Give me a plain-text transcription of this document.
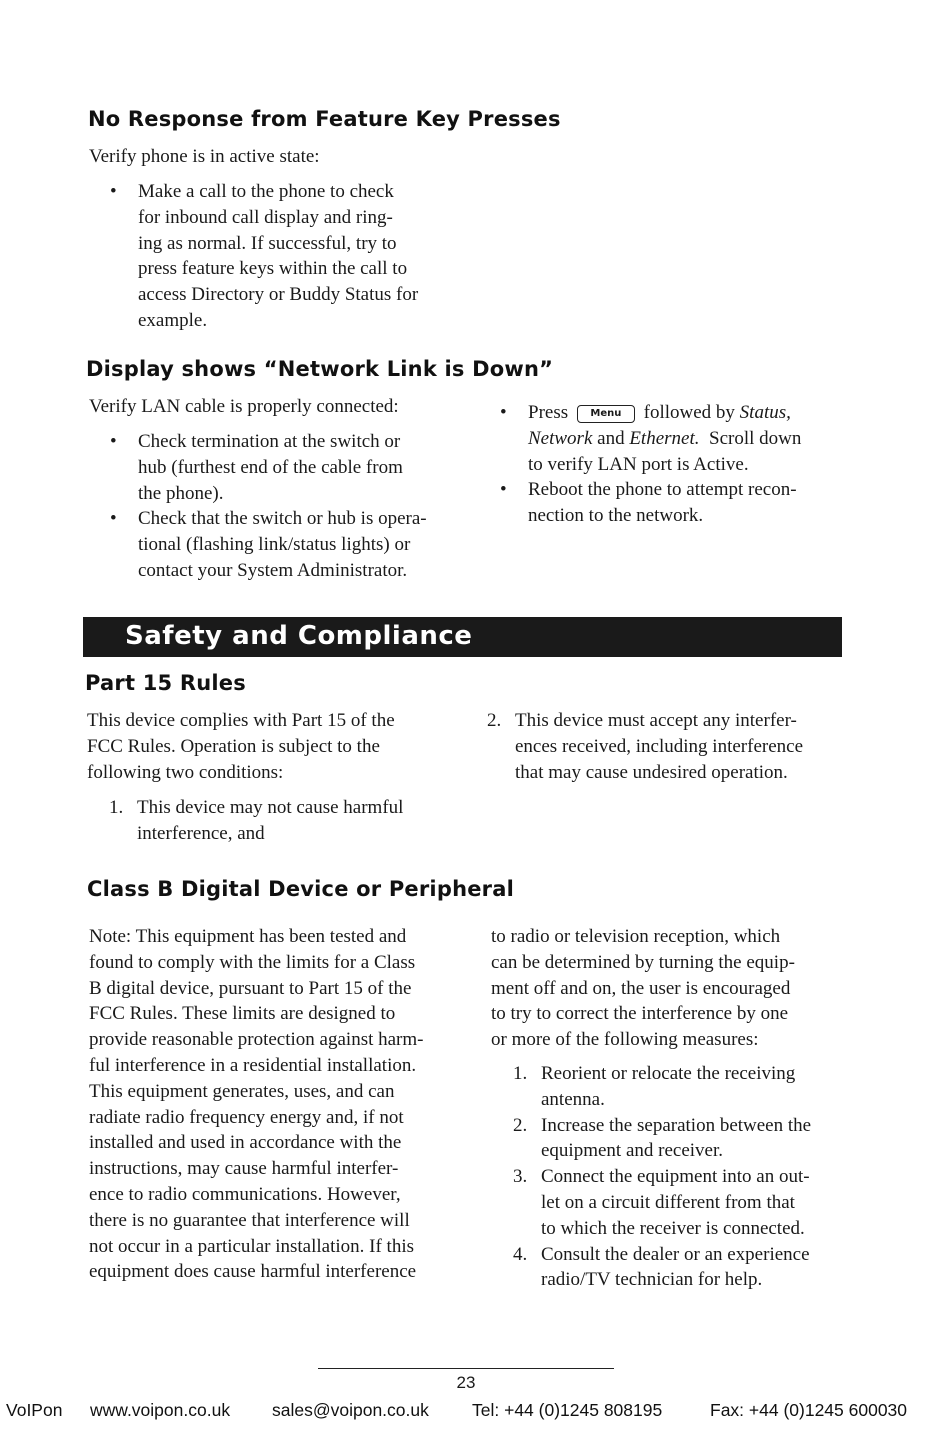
No Response from Feature Key Presses
Verify phone is in active state:
• Make a call to the phone to check
for inbound call display and ring-
ing as normal. If successful, try to
press feature keys within the call to
access Directory or Buddy Status for
example.
Display shows “Network Link is Down”
Verify LAN cable is properly connected:
• Check termination at the switch or
hub (furthest end of the cable from
the phone).
• Check that the switch or hub is opera-
tional (flashing link/status lights) or
contact your System Administrator.
• Press Menu followed by Status,
Network and Ethernet. Scroll down
to verify LAN port is Active.
• Reboot the phone to attempt recon-
nection to the network.
Safety and Compliance
Part 15 Rules
This device complies with Part 15 of the
FCC Rules. Operation is subject to the
following two conditions:
1. This device may not cause harmful
interference, and
2. This device must accept any interfer-
ences received, including interference
that may cause undesired operation.
Class B Digital Device or Peripheral
Note: This equipment has been tested and
found to comply with the limits for a Class
B digital device, pursuant to Part 15 of the
FCC Rules. These limits are designed to
provide reasonable protection against harm-
ful interference in a residential installation.
This equipment generates, uses, and can
radiate radio frequency energy and, if not
installed and used in accordance with the
instructions, may cause harmful interfer-
ence to radio communications. However,
there is no guarantee that interference will
not occur in a particular installation. If this
equipment does cause harmful interference
to radio or television reception, which
can be determined by turning the equip-
ment off and on, the user is encouraged
to try to correct the interference by one
or more of the following measures:
1. Reorient or relocate the receiving
antenna.
2. Increase the separation between the
equipment and receiver.
3. Connect the equipment into an out-
let on a circuit different from that
to which the receiver is connected.
4. Consult the dealer or an experience
radio/TV technician for help.
23
VoIPon www.voipon.co.uk sales@voipon.co.uk Tel: +44 (0)1245 808195	Fax: +44 (0)1245 600030
